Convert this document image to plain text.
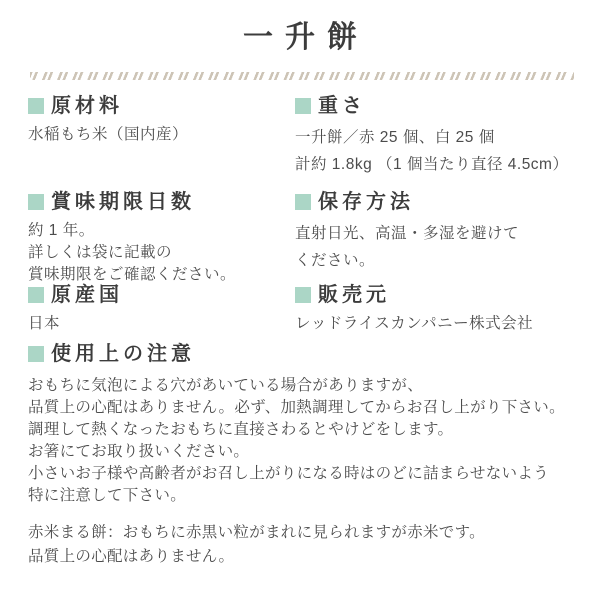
一升餅
原材料

水稲もち米（国内産）

重さ

一升餅／赤 25 個、白 25 個

計約 1.8kg （1 個当たり直径 4.5cm）

賞味期限日数

約 1 年。

詳しくは袋に記載の

賞味期限をご確認ください。

保存方法

直射日光、高温・多湿を避けて

ください。

原産国

日本

販売元

レッドライスカンパニー株式会社

使用上の注意

おもちに気泡による穴があいている場合がありますが、

品質上の心配はありません。必ず、加熱調理してからお召し上がり下さい。

調理して熱くなったおもちに直接さわるとやけどをします。

お箸にてお取り扱いください。

小さいお子様や高齢者がお召し上がりになる時はのどに詰まらせないよう

特に注意して下さい。

赤米まる餅：おもちに赤黒い粒がまれに見られますが赤米です。

品質上の心配はありません。
